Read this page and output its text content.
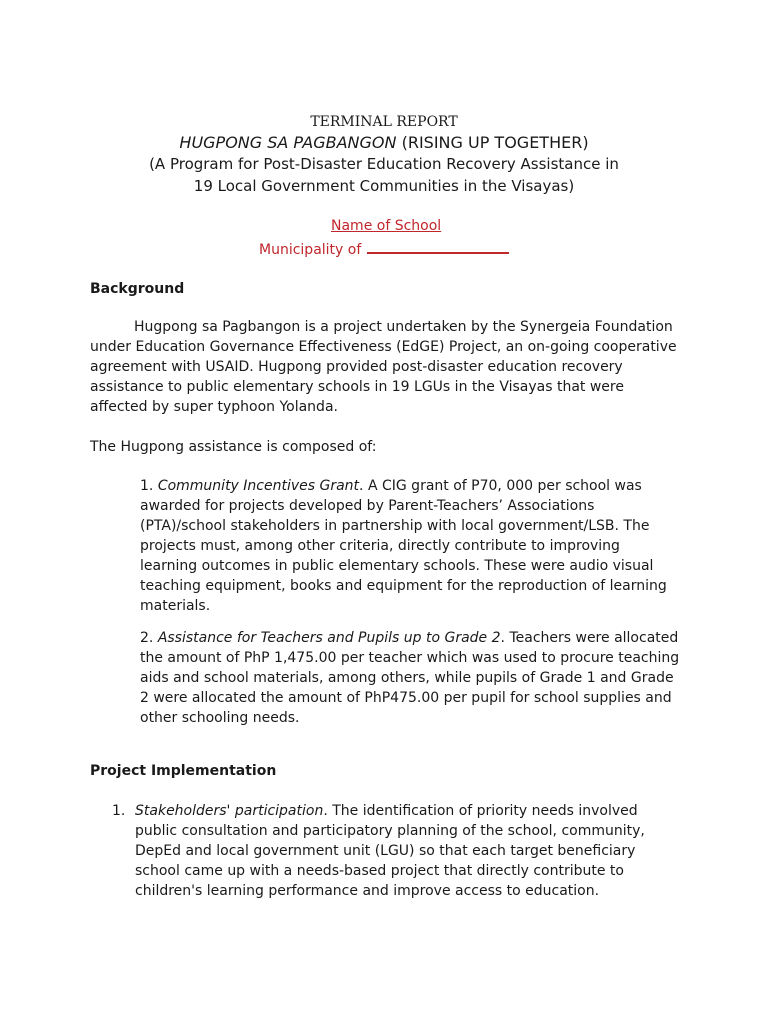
TERMINAL REPORT
HUGPONG SA PAGBANGON (RISING UP TOGETHER)
(A Program for Post-Disaster Education Recovery Assistance in
19 Local Government Communities in the Visayas)
Name of School
Municipality of
Background
Hugpong sa Pagbangon is a project undertaken by the Synergeia Foundation
under Education Governance Effectiveness (EdGE) Project, an on-going cooperative
agreement with USAID. Hugpong provided post-disaster education recovery
assistance to public elementary schools in 19 LGUs in the Visayas that were
affected by super typhoon Yolanda.
The Hugpong assistance is composed of:
1. Community Incentives Grant. A CIG grant of P70, 000 per school was
awarded for projects developed by Parent-Teachers’ Associations
(PTA)/school stakeholders in partnership with local government/LSB. The
projects must, among other criteria, directly contribute to improving
learning outcomes in public elementary schools. These were audio visual
teaching equipment, books and equipment for the reproduction of learning
materials.
2. Assistance for Teachers and Pupils up to Grade 2. Teachers were allocated
the amount of PhP 1,475.00 per teacher which was used to procure teaching
aids and school materials, among others, while pupils of Grade 1 and Grade
2 were allocated the amount of PhP475.00 per pupil for school supplies and
other schooling needs.
Project Implementation
1. Stakeholders' participation. The identification of priority needs involved
public consultation and participatory planning of the school, community,
DepEd and local government unit (LGU) so that each target beneficiary
school came up with a needs-based project that directly contribute to
children's learning performance and improve access to education.
